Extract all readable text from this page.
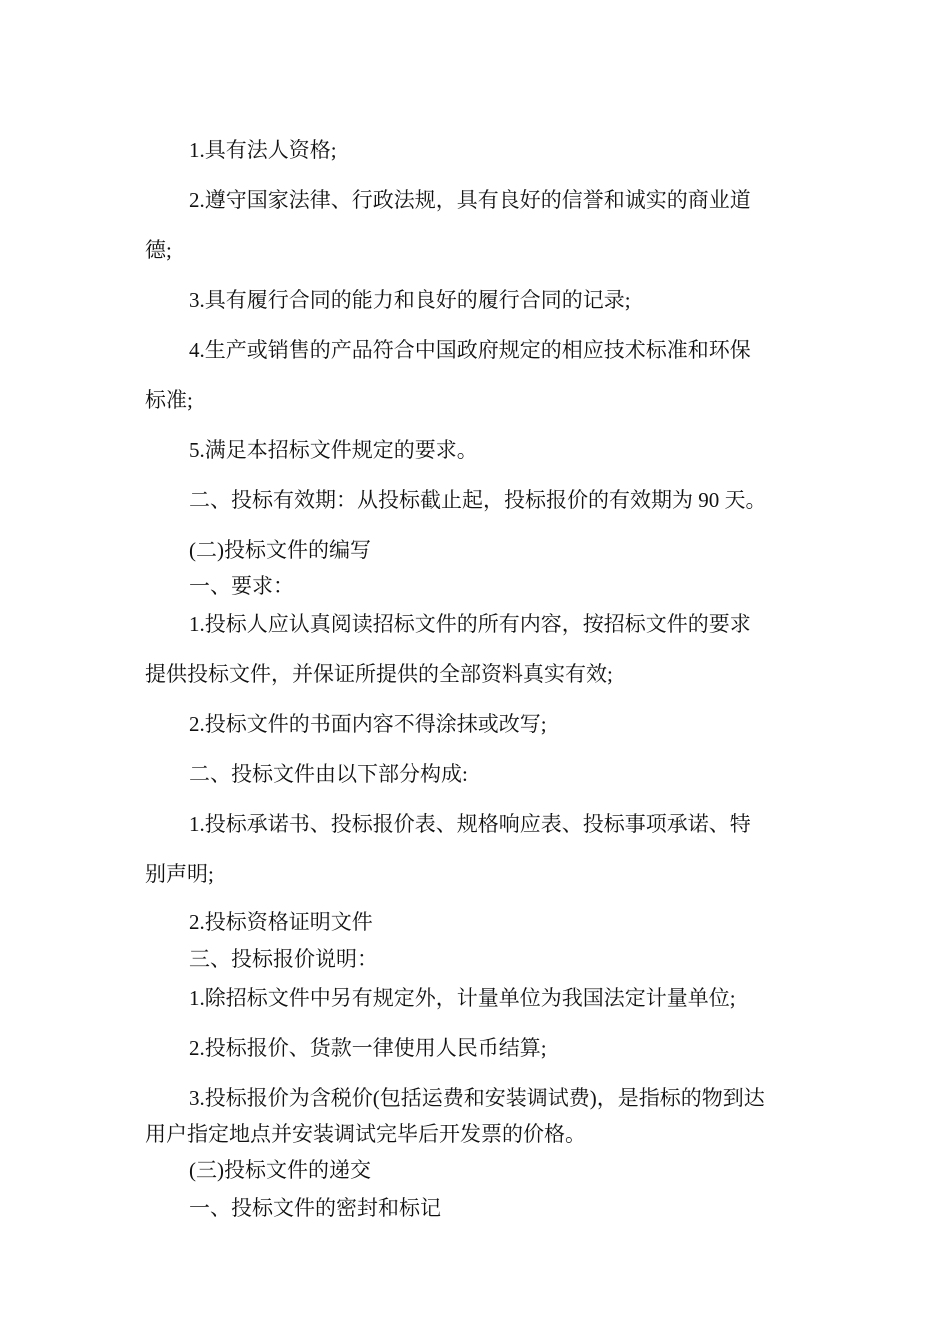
1.具有法人资格;
2.遵守国家法律、行政法规，具有良好的信誉和诚实的商业道
德;
3.具有履行合同的能力和良好的履行合同的记录;
4.生产或销售的产品符合中国政府规定的相应技术标准和环保
标准;
5.满足本招标文件规定的要求。
二、投标有效期：从投标截止起，投标报价的有效期为 90 天。
(二)投标文件的编写
一、要求：
1.投标人应认真阅读招标文件的所有内容，按招标文件的要求
提供投标文件，并保证所提供的全部资料真实有效;
2.投标文件的书面内容不得涂抹或改写;
二、投标文件由以下部分构成:
1.投标承诺书、投标报价表、规格响应表、投标事项承诺、特
别声明;
2.投标资格证明文件
三、投标报价说明：
1.除招标文件中另有规定外，计量单位为我国法定计量单位;
2.投标报价、货款一律使用人民币结算;
3.投标报价为含税价(包括运费和安装调试费)，是指标的物到达
用户指定地点并安装调试完毕后开发票的价格。
(三)投标文件的递交
一、投标文件的密封和标记
